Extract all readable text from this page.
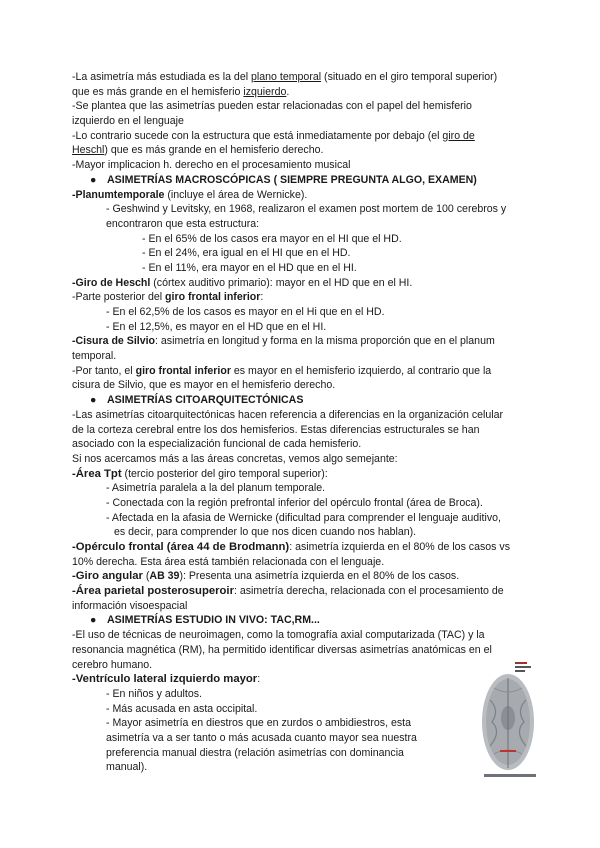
-La asimetría más estudiada es la del plano temporal (situado en el giro temporal superior)
que es más grande en el hemisferio izquierdo.
-Se plantea que las asimetrías pueden estar relacionadas con el papel del hemisferio
izquierdo en el lenguaje
-Lo contrario sucede con la estructura que está inmediatamente por debajo (el giro de
Heschl) que es más grande en el hemisferio derecho.
-Mayor implicacion h. derecho en el procesamiento musical
● ASIMETRÍAS MACROSCÓPICAS ( SIEMPRE PREGUNTA ALGO, EXAMEN)
-Planumtemporale (incluye el área de Wernicke).
- Geshwind y Levitsky, en 1968, realizaron el examen post mortem de 100 cerebros y
encontraron que esta estructura:
- En el 65% de los casos era mayor en el HI que el HD.
- En el 24%, era igual en el HI que en el HD.
- En el 11%, era mayor en el HD que en el HI.
-Giro de Heschl (córtex auditivo primario): mayor en el HD que en el HI.
-Parte posterior del giro frontal inferior:
- En el 62,5% de los casos es mayor en el Hi que en el HD.
- En el 12,5%, es mayor en el HD que en el HI.
-Cisura de Silvio: asimetría en longitud y forma en la misma proporción que en el planum
temporal.
-Por tanto, el giro frontal inferior es mayor en el hemisferio izquierdo, al contrario que la
cisura de Silvio, que es mayor en el hemisferio derecho.
● ASIMETRÍAS CITOARQUITECTÓNICAS
-Las asimetrías citoarquitectónicas hacen referencia a diferencias en la organización celular
de la corteza cerebral entre los dos hemisferios. Estas diferencias estructurales se han
asociado con la especialización funcional de cada hemisferio.
Si nos acercamos más a las áreas concretas, vemos algo semejante:
-Área Tpt (tercio posterior del giro temporal superior):
- Asimetría paralela a la del planum temporale.
- Conectada con la región prefrontal inferior del opérculo frontal (área de Broca).
- Afectada en la afasia de Wernicke (dificultad para comprender el lenguaje auditivo,
es decir, para comprender lo que nos dicen cuando nos hablan).
-Opérculo frontal (área 44 de Brodmann): asimetría izquierda en el 80% de los casos vs
10% derecha. Esta área está también relacionada con el lenguaje.
-Giro angular (AB 39): Presenta una asimetría izquierda en el 80% de los casos.
-Área parietal posterosuperoir: asimetría derecha, relacionada con el procesamiento de
información visoespacial
● ASIMETRÍAS ESTUDIO IN VIVO: TAC,RM...
-El uso de técnicas de neuroimagen, como la tomografía axial computarizada (TAC) y la
resonancia magnética (RM), ha permitido identificar diversas asimetrías anatómicas en el
cerebro humano.
-Ventrículo lateral izquierdo mayor:
- En niños y adultos.
- Más acusada en asta occipital.
- Mayor asimetría en diestros que en zurdos o ambidiestros, esta
asimetría va a ser tanto o más acusada cuanto mayor sea nuestra
preferencia manual diestra (relación asimetrías con dominancia
manual).
